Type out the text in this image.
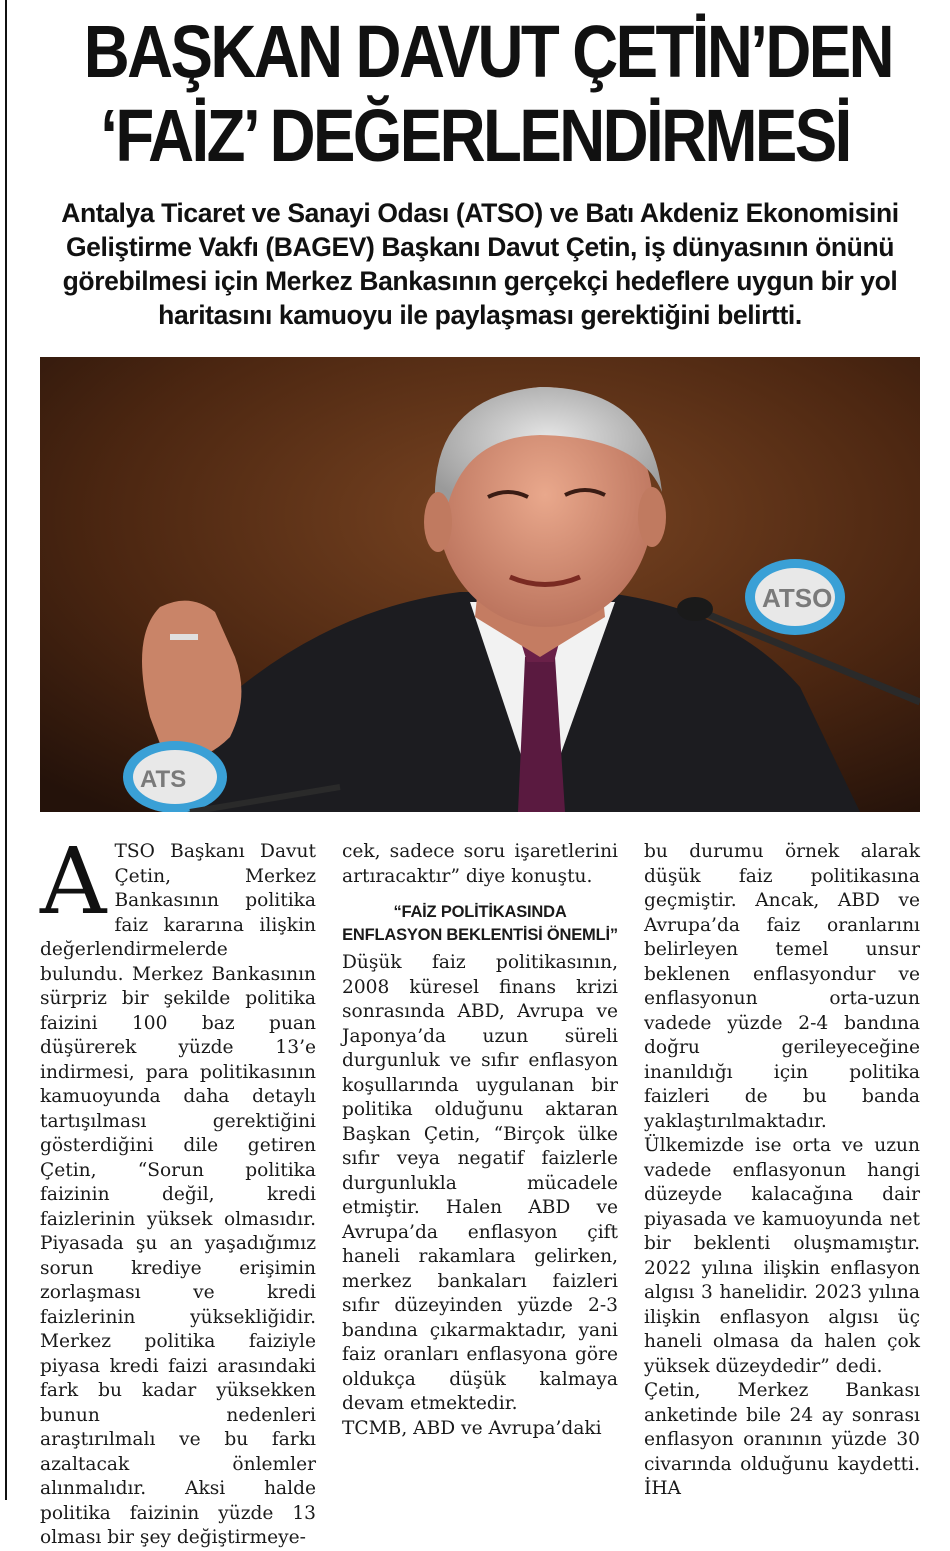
BAŞKAN DAVUT ÇETİN’DEN
‘FAİZ’ DEĞERLENDİRMESİ
Antalya Ticaret ve Sanayi Odası (ATSO) ve Batı Akdeniz Ekonomisini Geliştirme Vakfı (BAGEV) Başkanı Davut Çetin, iş dünyasının önünü görebilmesi için Merkez Bankasının gerçekçi hedeflere uygun bir yol haritasını kamuoyu ile paylaşması gerektiğini belirtti.
ATSO
ATS
A TSO Başkanı Davut Çetin, Merkez Bankasının politika faiz kararına ilişkin değerlendirmelerde bulundu. Merkez Bankasının sürpriz bir şekilde politika faizini 100 baz puan düşürerek yüzde 13’e indirmesi, para politikasının kamuoyunda daha detaylı tartışılması gerektiğini gösterdiğini dile getiren Çetin, “Sorun politika faizinin değil, kredi faizlerinin yüksek olmasıdır. Piyasada şu an yaşadığımız sorun krediye erişimin zorlaşması ve kredi faizlerinin yüksekliğidir. Merkez politika faiziyle piyasa kredi faizi arasındaki fark bu kadar yüksekken bunun nedenleri araştırılmalı ve bu farkı azaltacak önlemler alınmalıdır. Aksi halde politika faizinin yüzde 13 olması bir şey değiştirmeye-

cek, sadece soru işaretlerini artıracaktır” diye konuştu.

“FAİZ POLİTİKASINDA ENFLASYON BEKLENTİSİ ÖNEMLİ”

Düşük faiz politikasının, 2008 küresel finans krizi sonrasında ABD, Avrupa ve Japonya’da uzun süreli durgunluk ve sıfır enflasyon koşullarında uygulanan bir politika olduğunu aktaran Başkan Çetin, “Birçok ülke sıfır veya negatif faizlerle durgunlukla mücadele etmiştir. Halen ABD ve Avrupa’da enflasyon çift haneli rakamlara gelirken, merkez bankaları faizleri sıfır düzeyinden yüzde 2-3 bandına çıkarmaktadır, yani faiz oranları enflasyona göre oldukça düşük kalmaya devam etmektedir.

TCMB, ABD ve Avrupa’daki

bu durumu örnek alarak düşük faiz politikasına geçmiştir. Ancak, ABD ve Avrupa’da faiz oranlarını belirleyen temel unsur beklenen enflasyondur ve enflasyonun orta-uzun vadede yüzde 2-4 bandına doğru gerileyeceğine inanıldığı için politika faizleri de bu banda yaklaştırılmaktadır. Ülkemizde ise orta ve uzun vadede enflasyonun hangi düzeyde kalacağına dair piyasada ve kamuoyunda net bir beklenti oluşmamıştır. 2022 yılına ilişkin enflasyon algısı 3 hanelidir. 2023 yılına ilişkin enflasyon algısı üç haneli olmasa da halen çok yüksek düzeydedir” dedi.

Çetin, Merkez Bankası anketinde bile 24 ay sonrası enflasyon oranının yüzde 30 civarında olduğunu kaydetti. İHA
